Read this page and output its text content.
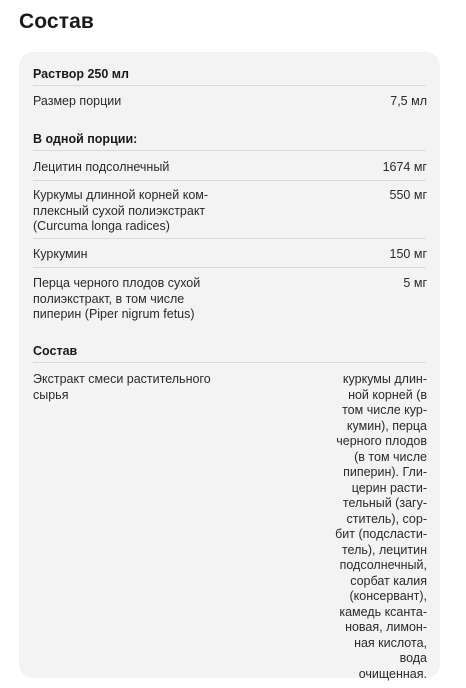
Состав
Раствор 250 мл
Размер порции	7,5 мл
В одной порции:
Лецитин подсолнечный	1674 мг
Куркумы длинной корней ком-
плексный сухой полиэкстракт
(Curcuma longa radices)
550 мг
Куркумин	150 мг
Перца черного плодов сухой
полиэкстракт, в том числе
пиперин (Piper nigrum fetus)
5 мг
Состав
Экстракт смеси растительного
сырья
куркумы длин-
ной корней (в
том числе кур-
кумин), перца
черного плодов
(в том числе
пиперин). Гли-
церин расти-
тельный (загу-
ститель), сор-
бит (подсласти-
тель), лецитин
подсолнечный,
сорбат калия
(консервант),
камедь ксанта-
новая, лимон-
ная кислота,
вода
очищенная.
